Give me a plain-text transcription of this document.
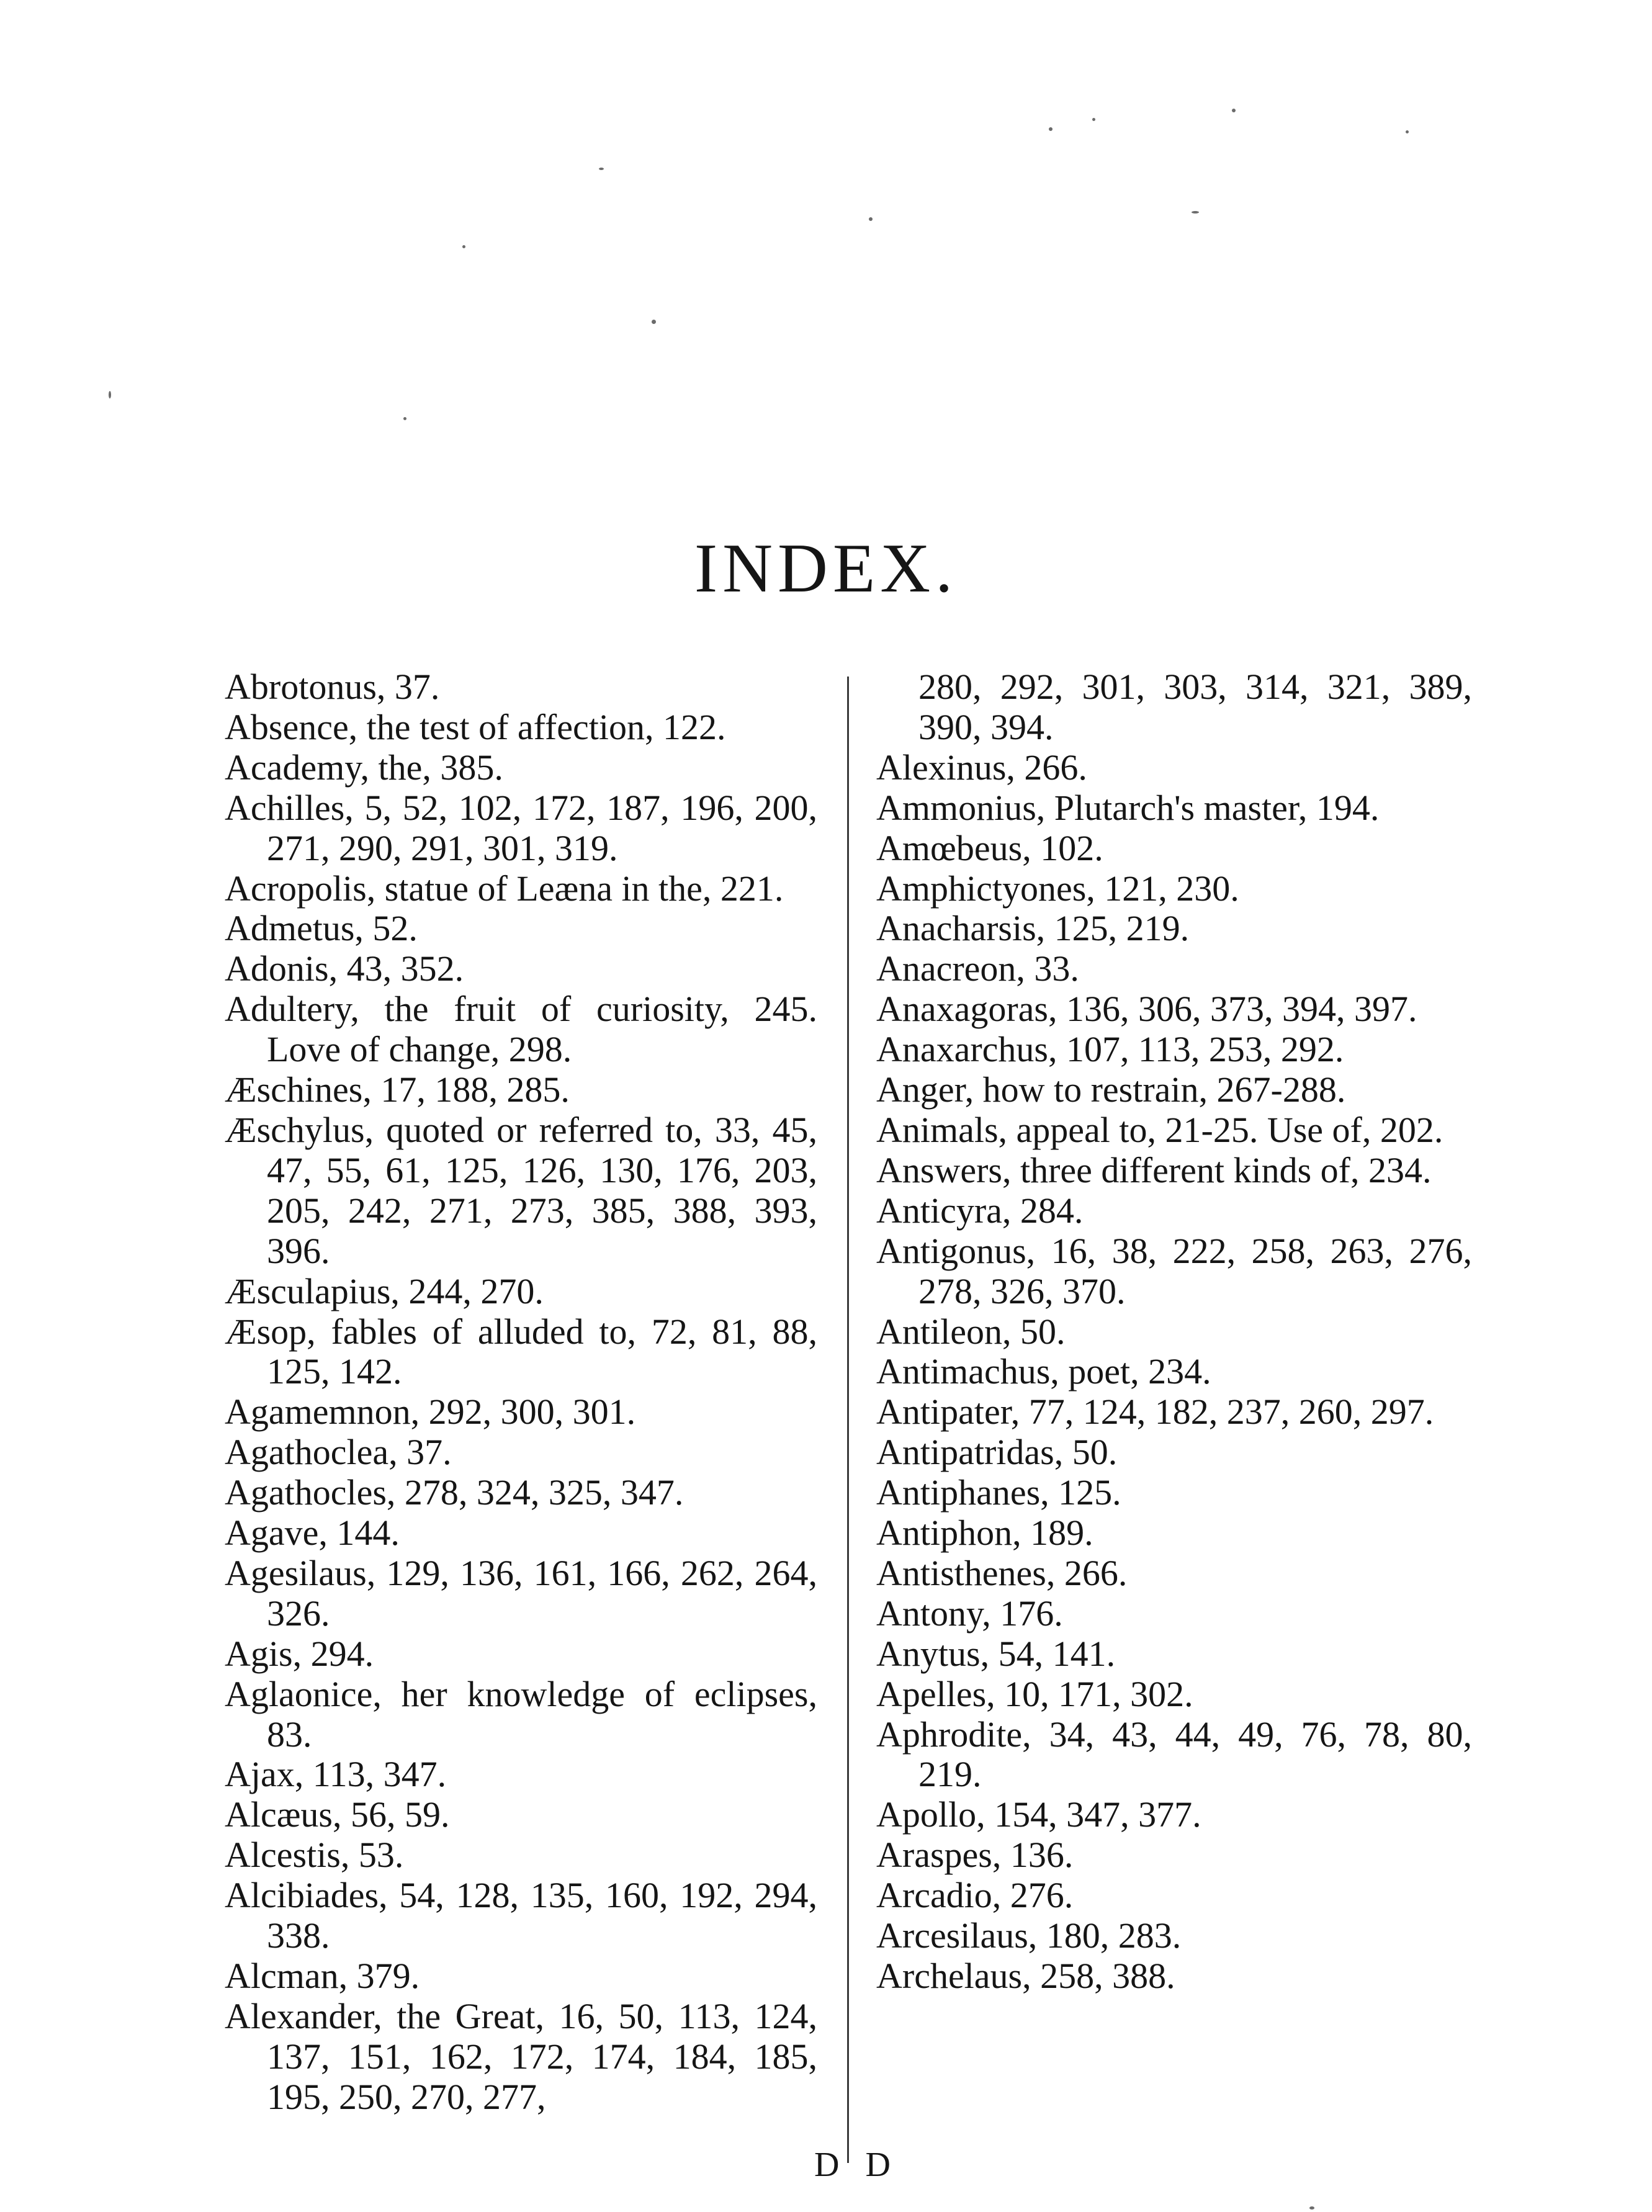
INDEX.
Abrotonus, 37.
Absence, the test of affection, 122.
Academy, the, 385.
Achilles, 5, 52, 102, 172, 187, 196, 200, 271, 290, 291, 301, 319.
Acropolis, statue of Leæna in the, 221.
Admetus, 52.
Adonis, 43, 352.
Adultery, the fruit of curiosity, 245. Love of change, 298.
Æschines, 17, 188, 285.
Æschylus, quoted or referred to, 33, 45, 47, 55, 61, 125, 126, 130, 176, 203, 205, 242, 271, 273, 385, 388, 393, 396.
Æsculapius, 244, 270.
Æsop, fables of alluded to, 72, 81, 88, 125, 142.
Agamemnon, 292, 300, 301.
Agathoclea, 37.
Agathocles, 278, 324, 325, 347.
Agave, 144.
Agesilaus, 129, 136, 161, 166, 262, 264, 326.
Agis, 294.
Aglaonice, her knowledge of eclipses, 83.
Ajax, 113, 347.
Alcæus, 56, 59.
Alcestis, 53.
Alcibiades, 54, 128, 135, 160, 192, 294, 338.
Alcman, 379.
Alexander, the Great, 16, 50, 113, 124, 137, 151, 162, 172, 174, 184, 185, 195, 250, 270, 277,
280, 292, 301, 303, 314, 321, 389, 390, 394.
Alexinus, 266.
Ammonius, Plutarch's master, 194.
Amœbeus, 102.
Amphictyones, 121, 230.
Anacharsis, 125, 219.
Anacreon, 33.
Anaxagoras, 136, 306, 373, 394, 397.
Anaxarchus, 107, 113, 253, 292.
Anger, how to restrain, 267-288.
Animals, appeal to, 21-25. Use of, 202.
Answers, three different kinds of, 234.
Anticyra, 284.
Antigonus, 16, 38, 222, 258, 263, 276, 278, 326, 370.
Antileon, 50.
Antimachus, poet, 234.
Antipater, 77, 124, 182, 237, 260, 297.
Antipatridas, 50.
Antiphanes, 125.
Antiphon, 189.
Antisthenes, 266.
Antony, 176.
Anytus, 54, 141.
Apelles, 10, 171, 302.
Aphrodite, 34, 43, 44, 49, 76, 78, 80, 219.
Apollo, 154, 347, 377.
Araspes, 136.
Arcadio, 276.
Arcesilaus, 180, 283.
Archelaus, 258, 388.
D D
